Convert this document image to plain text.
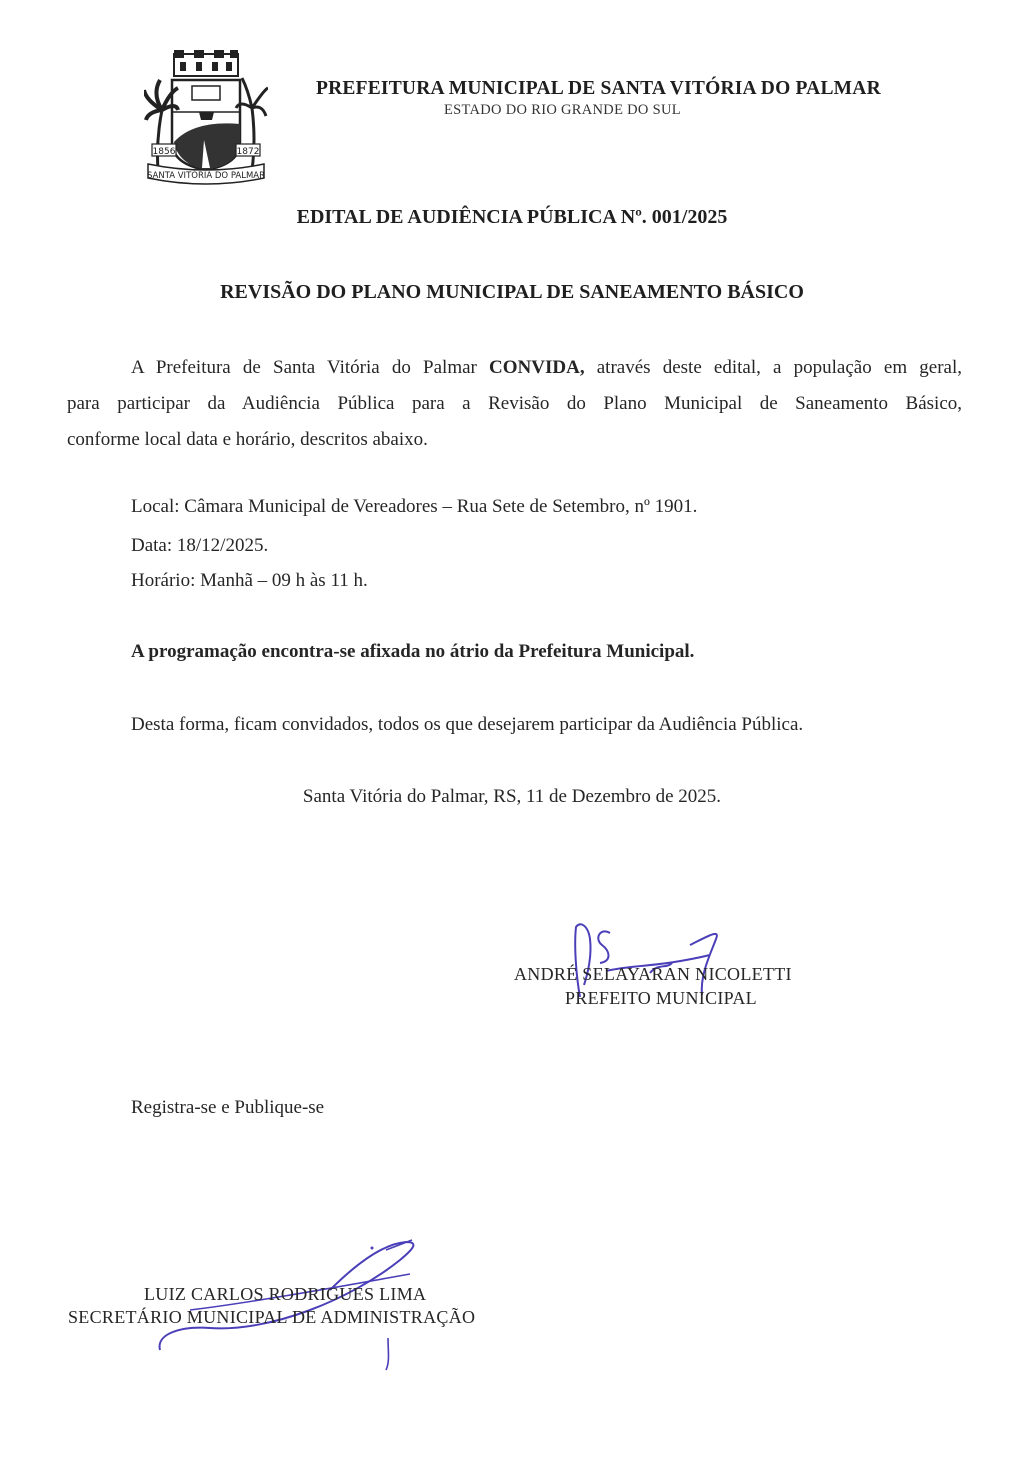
1856	1872
SANTA VITÓRIA DO PALMAR
PREFEITURA MUNICIPAL DE SANTA VITÓRIA DO PALMAR
ESTADO DO RIO GRANDE DO SUL
EDITAL DE AUDIÊNCIA PÚBLICA Nº. 001/2025
REVISÃO DO PLANO MUNICIPAL DE SANEAMENTO BÁSICO
A Prefeitura de Santa Vitória do Palmar CONVIDA, através deste edital, a população em geral,
para participar da Audiência Pública para a Revisão do Plano Municipal de Saneamento Básico,
conforme local data e horário, descritos abaixo.
Local: Câmara Municipal de Vereadores – Rua Sete de Setembro, nº 1901.
Data: 18/12/2025.
Horário: Manhã – 09 h às 11 h.
A programação encontra-se afixada no átrio da Prefeitura Municipal.
Desta forma, ficam convidados, todos os que desejarem participar da Audiência Pública.
Santa Vitória do Palmar, RS, 11 de Dezembro de 2025.
ANDRÉ SELAYARAN NICOLETTI
PREFEITO MUNICIPAL
Registra-se e Publique-se
LUIZ CARLOS RODRIGUES LIMA
SECRETÁRIO MUNICIPAL DE ADMINISTRAÇÃO
